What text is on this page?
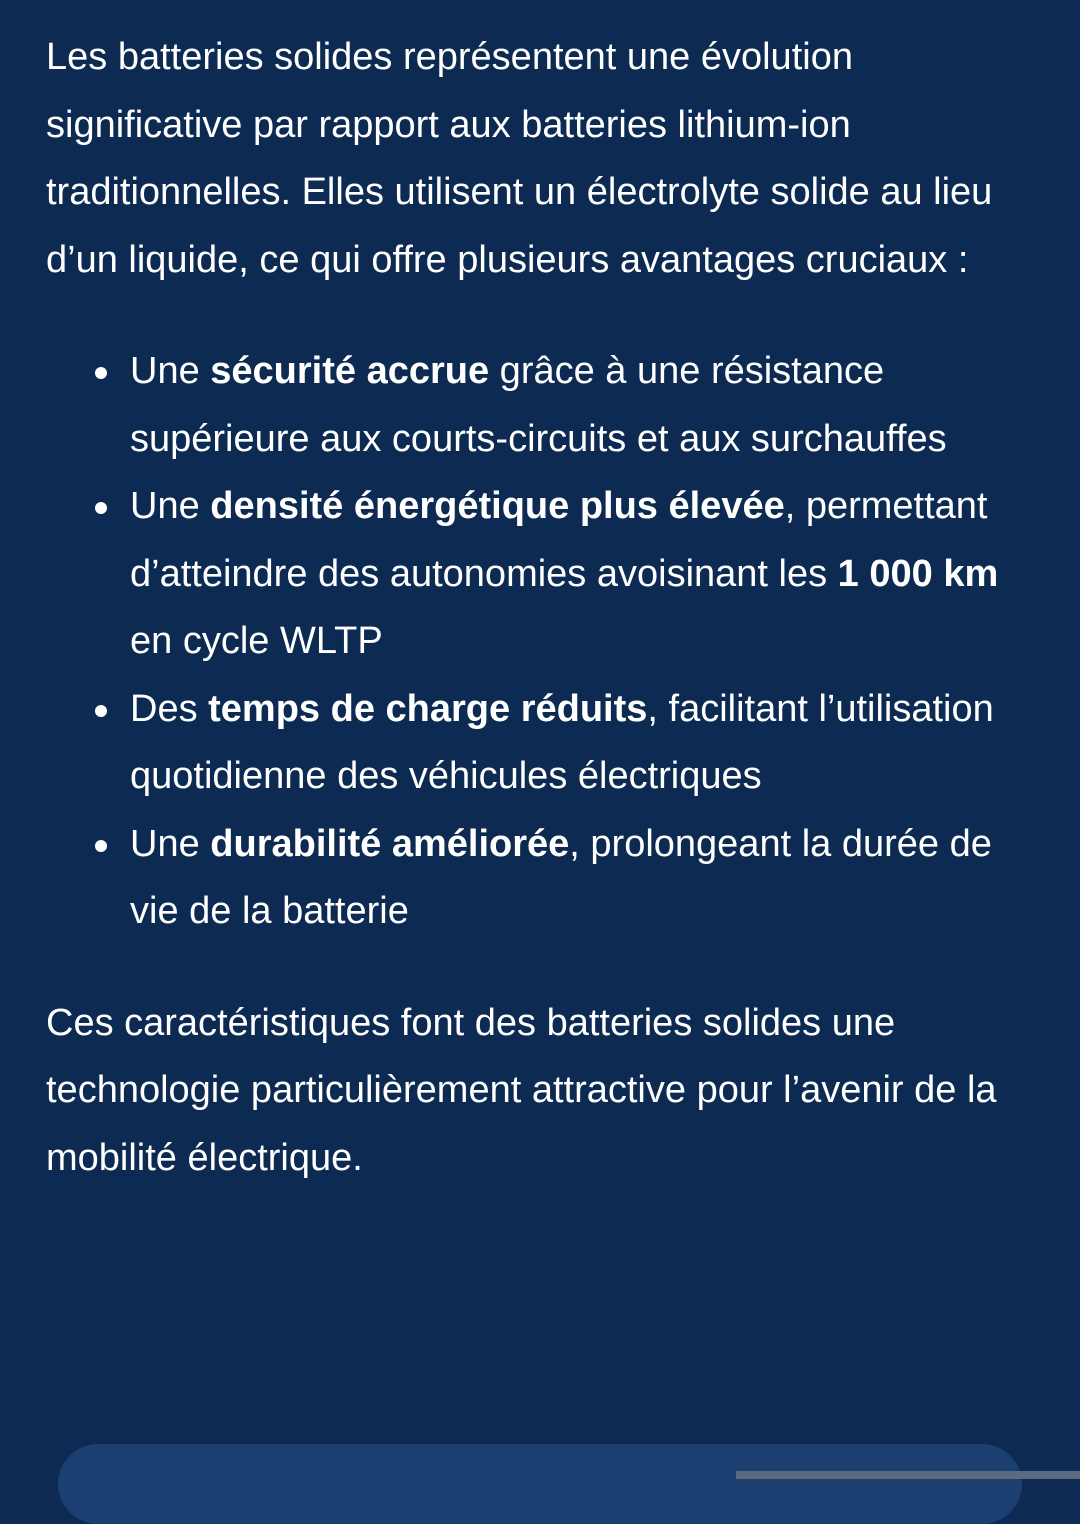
Les batteries solides représentent une évolution significative par rapport aux batteries lithium-ion traditionnelles. Elles utilisent un électrolyte solide au lieu d’un liquide, ce qui offre plusieurs avantages cruciaux :

Une sécurité accrue grâce à une résistance supérieure aux courts-circuits et aux surchauffes
Une densité énergétique plus élevée, permettant d’atteindre des autonomies avoisinant les 1 000 km en cycle WLTP
Des temps de charge réduits, facilitant l’utilisation quotidienne des véhicules électriques
Une durabilité améliorée, prolongeant la durée de vie de la batterie

Ces caractéristiques font des batteries solides une technologie particulièrement attractive pour l’avenir de la mobilité électrique.
